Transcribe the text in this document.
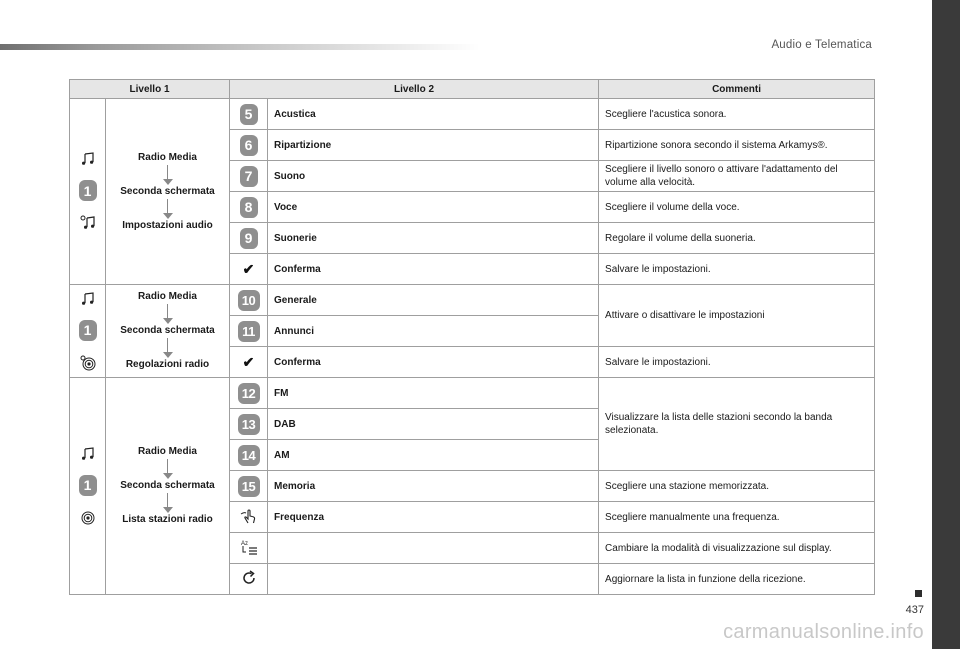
Audio e Telematica
Livello 1		Livello 2		Commenti

1	Radio Media
Seconda schermata
Impostazioni audio	5	Acustica	Scegliere l'acustica sonora.
		6	Ripartizione	Ripartizione sonora secondo il sistema Arkamys®.
		7	Suono	Scegliere il livello sonoro o attivare l'adattamento del volume alla velocità.
		8	Voce	Scegliere il volume della voce.
		9	Suonerie	Regolare il volume della suoneria.
		✔	Conferma	Salvare le impostazioni.

1	Radio Media
Seconda schermata
Regolazioni radio	10	Generale	Attivare o disattivare le impostazioni
		11	Annunci	
		✔	Conferma	Salvare le impostazioni.

1	Radio Media
Seconda schermata
Lista stazioni radio	12	FM	Visualizzare la lista delle stazioni secondo la banda selezionata.
		13	DAB	
		14	AM	
		15	Memoria	Scegliere una stazione memorizzata.

	Frequenza	Scegliere manualmente una frequenza.

Az		Cambiare la modalità di visualizzazione sul display.

		Aggiornare la lista in funzione della ricezione.
437
carmanualsonline.info
